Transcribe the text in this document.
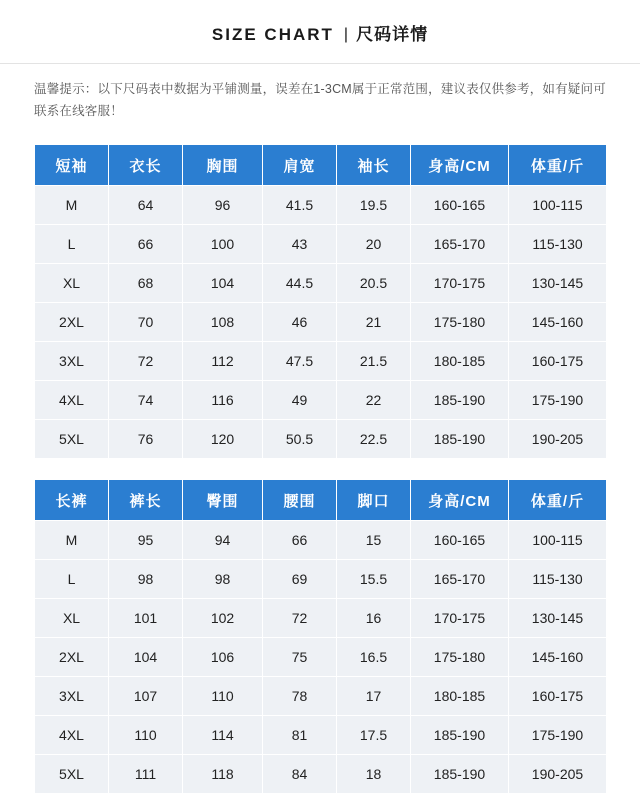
SIZE CHART | 尺码详情
温馨提示：以下尺码表中数据为平铺测量，误差在1-3CM属于正常范围，建议表仅供参考，如有疑问可联系在线客服！
短袖	衣长	胸围	肩宽	袖长	身高/CM	体重/斤
M	64	96	41.5	19.5	160-165	100-115
L	66	100	43	20	165-170	115-130
XL	68	104	44.5	20.5	170-175	130-145
2XL	70	108	46	21	175-180	145-160
3XL	72	112	47.5	21.5	180-185	160-175
4XL	74	116	49	22	185-190	175-190
5XL	76	120	50.5	22.5	185-190	190-205
长裤	裤长	臀围	腰围	脚口	身高/CM	体重/斤
M	95	94	66	15	160-165	100-115
L	98	98	69	15.5	165-170	115-130
XL	101	102	72	16	170-175	130-145
2XL	104	106	75	16.5	175-180	145-160
3XL	107	110	78	17	180-185	160-175
4XL	110	114	81	17.5	185-190	175-190
5XL	111	118	84	18	185-190	190-205
